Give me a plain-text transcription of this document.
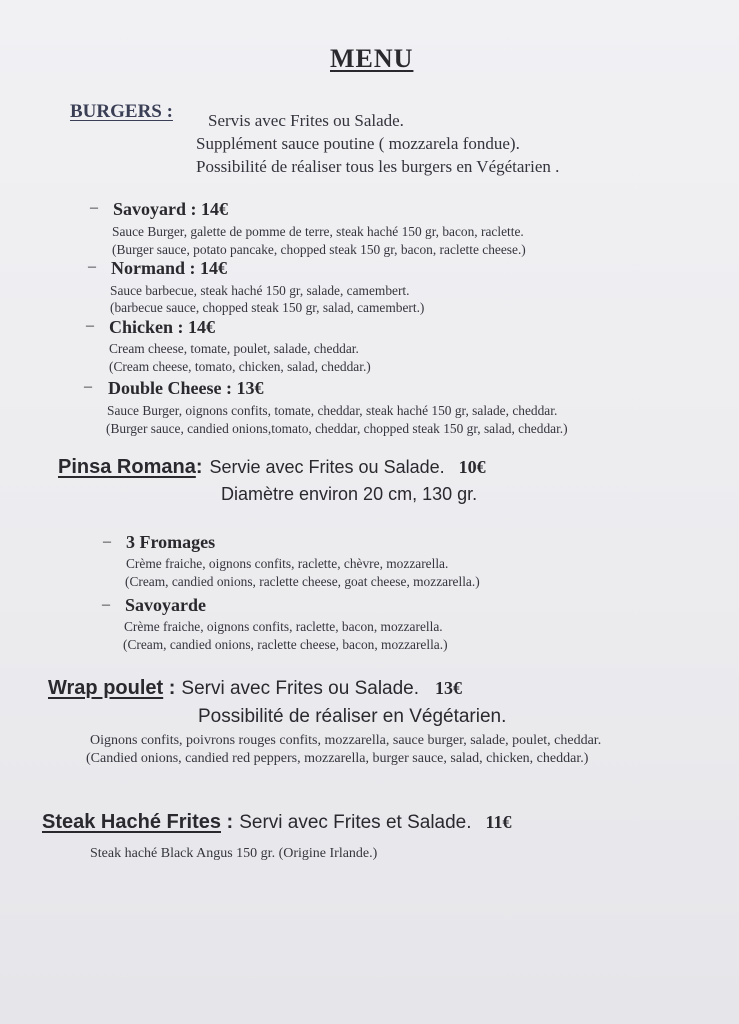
MENU
BURGERS : Servis avec Frites ou Salade.
Supplément sauce poutine ( mozzarela fondue).
Possibilité de réaliser tous les burgers en Végétarien .
– Savoyard : 14€
Sauce Burger, galette de pomme de terre, steak haché 150 gr, bacon, raclette.
(Burger sauce, potato pancake, chopped steak 150 gr, bacon, raclette cheese.)
– Normand : 14€
Sauce barbecue, steak haché 150 gr, salade, camembert.
(barbecue sauce, chopped steak 150 gr, salad, camembert.)
– Chicken : 14€
Cream cheese, tomate, poulet, salade, cheddar.
(Cream cheese, tomato, chicken, salad, cheddar.)
– Double Cheese : 13€
Sauce Burger, oignons confits, tomate, cheddar, steak haché 150 gr, salade, cheddar.
(Burger sauce, candied onions,tomato, cheddar, chopped steak 150 gr, salad, cheddar.)
Pinsa Romana: Servie avec Frites ou Salade. 10€
Diamètre environ 20 cm, 130 gr.
– 3 Fromages
Crème fraiche, oignons confits, raclette, chèvre, mozzarella.
(Cream, candied onions, raclette cheese, goat cheese, mozzarella.)
– Savoyarde
Crème fraiche, oignons confits, raclette, bacon, mozzarella.
(Cream, candied onions, raclette cheese, bacon, mozzarella.)
Wrap poulet : Servi avec Frites ou Salade. 13€
Possibilité de réaliser en Végétarien.
Oignons confits, poivrons rouges confits, mozzarella, sauce burger, salade, poulet, cheddar.
(Candied onions, candied red peppers, mozzarella, burger sauce, salad, chicken, cheddar.)
Steak Haché Frites : Servi avec Frites et Salade. 11€
Steak haché Black Angus 150 gr. (Origine Irlande.)
